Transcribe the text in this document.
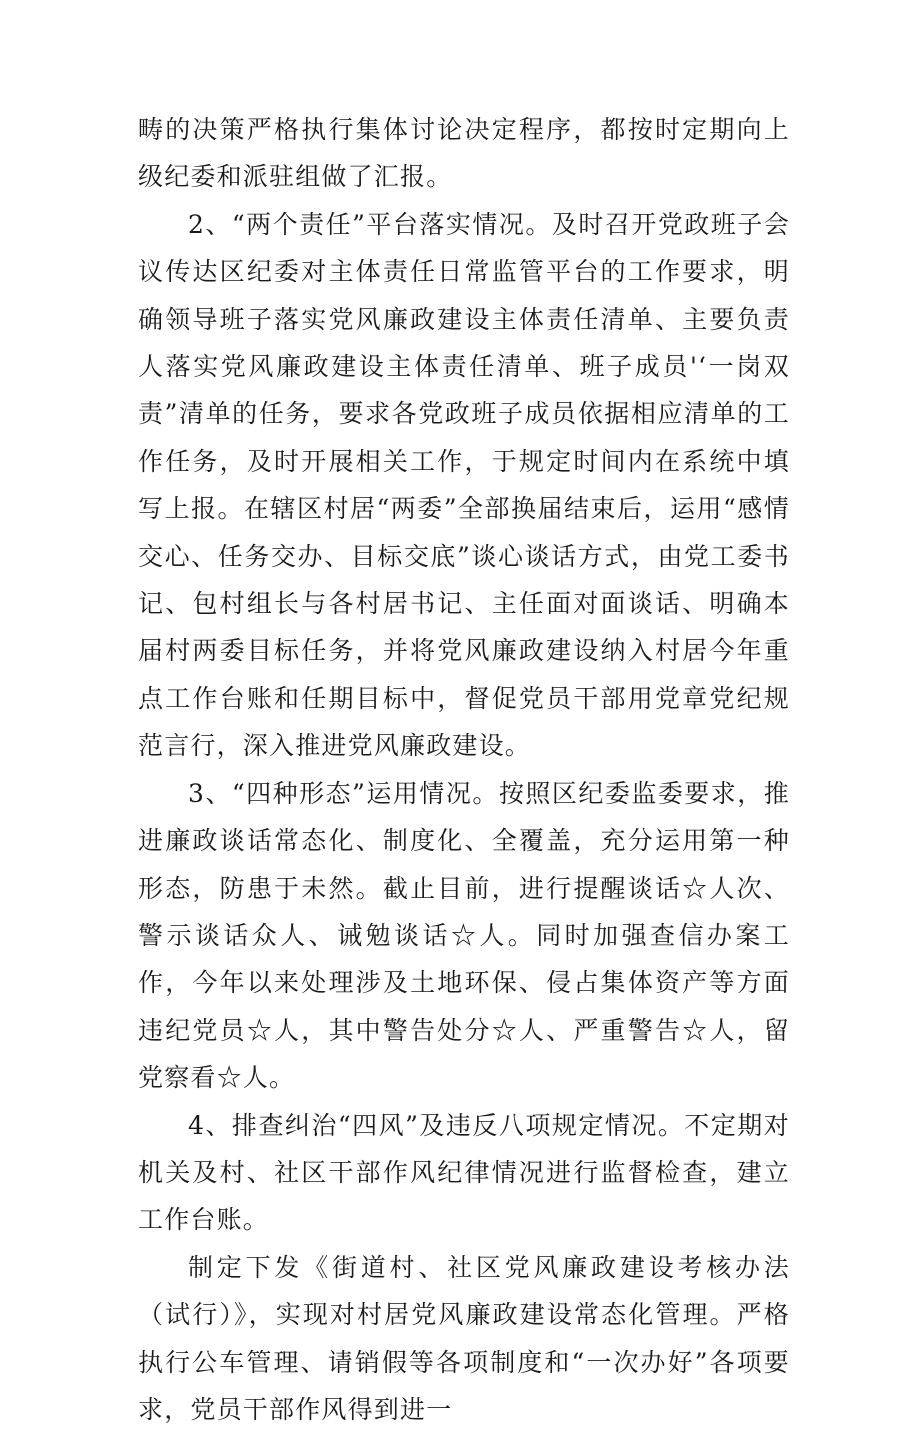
畴的决策严格执行集体讨论决定程序，都按时定期向上级纪委和派驻组做了汇报。

2、“两个责任”平台落实情况。及时召开党政班子会议传达区纪委对主体责任日常监管平台的工作要求，明确领导班子落实党风廉政建设主体责任清单、主要负责人落实党风廉政建设主体责任清单、班子成员'‘一岗双责”清单的任务，要求各党政班子成员依据相应清单的工作任务，及时开展相关工作，于规定时间内在系统中填写上报。在辖区村居“两委”全部换届结束后，运用“感情交心、任务交办、目标交底”谈心谈话方式，由党工委书记、包村组长与各村居书记、主任面对面谈话、明确本届村两委目标任务，并将党风廉政建设纳入村居今年重点工作台账和任期目标中，督促党员干部用党章党纪规范言行，深入推进党风廉政建设。

3、“四种形态”运用情况。按照区纪委监委要求，推进廉政谈话常态化、制度化、全覆盖，充分运用第一种形态，防患于未然。截止目前，进行提醒谈话☆人次、警示谈话众人、诫勉谈话☆人。同时加强查信办案工作，今年以来处理涉及土地环保、侵占集体资产等方面违纪党员☆人，其中警告处分☆人、严重警告☆人，留党察看☆人。

4、排查纠治“四风”及违反八项规定情况。不定期对机关及村、社区干部作风纪律情况进行监督检查，建立工作台账。

制定下发《街道村、社区党风廉政建设考核办法（试行）》，实现对村居党风廉政建设常态化管理。严格执行公车管理、请销假等各项制度和“一次办好”各项要求，党员干部作风得到进一
